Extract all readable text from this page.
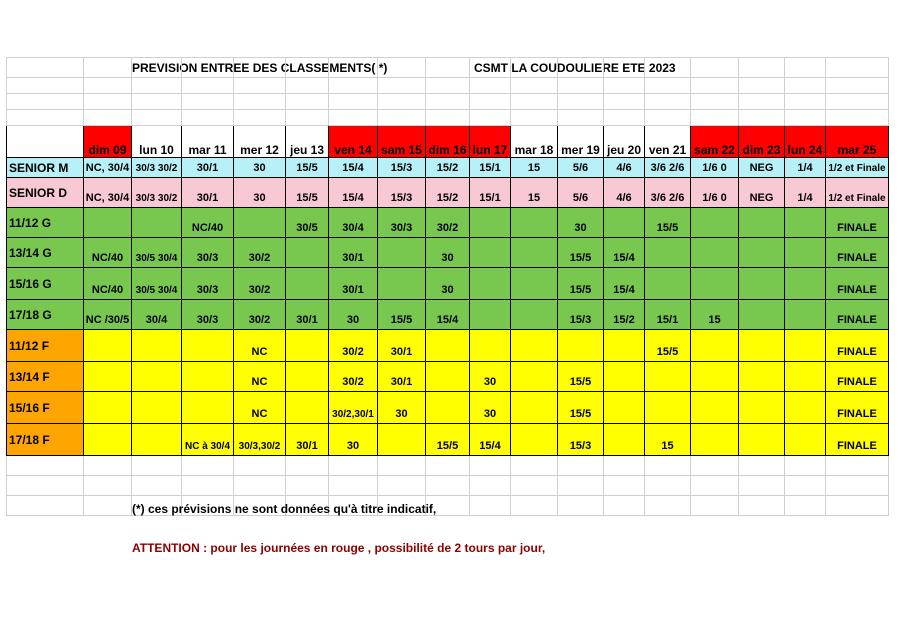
PREVISION ENTREE DES CLASSEMENTS( *)	CSMT LA COUDOULIERE ETE 2023

	dim 09	lun 10	mar 11	mer 12	jeu 13	ven 14	sam 15	dim 16	lun 17	mar 18	mer 19	jeu 20	ven 21	sam 22	dim 23	lun 24	mar 25
SENIOR M	NC, 30/4	30/3 30/2	30/1	30	15/5	15/4	15/3	15/2	15/1	15	5/6	4/6	3/6 2/6	1/6 0	NEG	1/4	1/2 et Finale
SENIOR D	NC, 30/4	30/3 30/2	30/1	30	15/5	15/4	15/3	15/2	15/1	15	5/6	4/6	3/6 2/6	1/6 0	NEG	1/4	1/2 et Finale
11/12 G			NC/40		30/5	30/4	30/3	30/2			30		15/5				FINALE
13/14 G	NC/40	30/5 30/4	30/3	30/2		30/1		30			15/5	15/4					FINALE
15/16 G	NC/40	30/5 30/4	30/3	30/2		30/1		30			15/5	15/4					FINALE
17/18 G	NC /30/5	30/4	30/3	30/2	30/1	30	15/5	15/4			15/3	15/2	15/1	15			FINALE
11/12 F				NC		30/2	30/1						15/5				FINALE
13/14 F				NC		30/2	30/1		30		15/5						FINALE
15/16 F				NC		30/2,30/1	30		30		15/5						FINALE
17/18 F			NC à 30/4	30/3,30/2	30/1	30		15/5	15/4		15/3		15				FINALE

(*) ces prévisions ne sont données qu'à titre indicatif,
ATTENTION : pour les journées en rouge , possibilité de 2 tours par jour,
